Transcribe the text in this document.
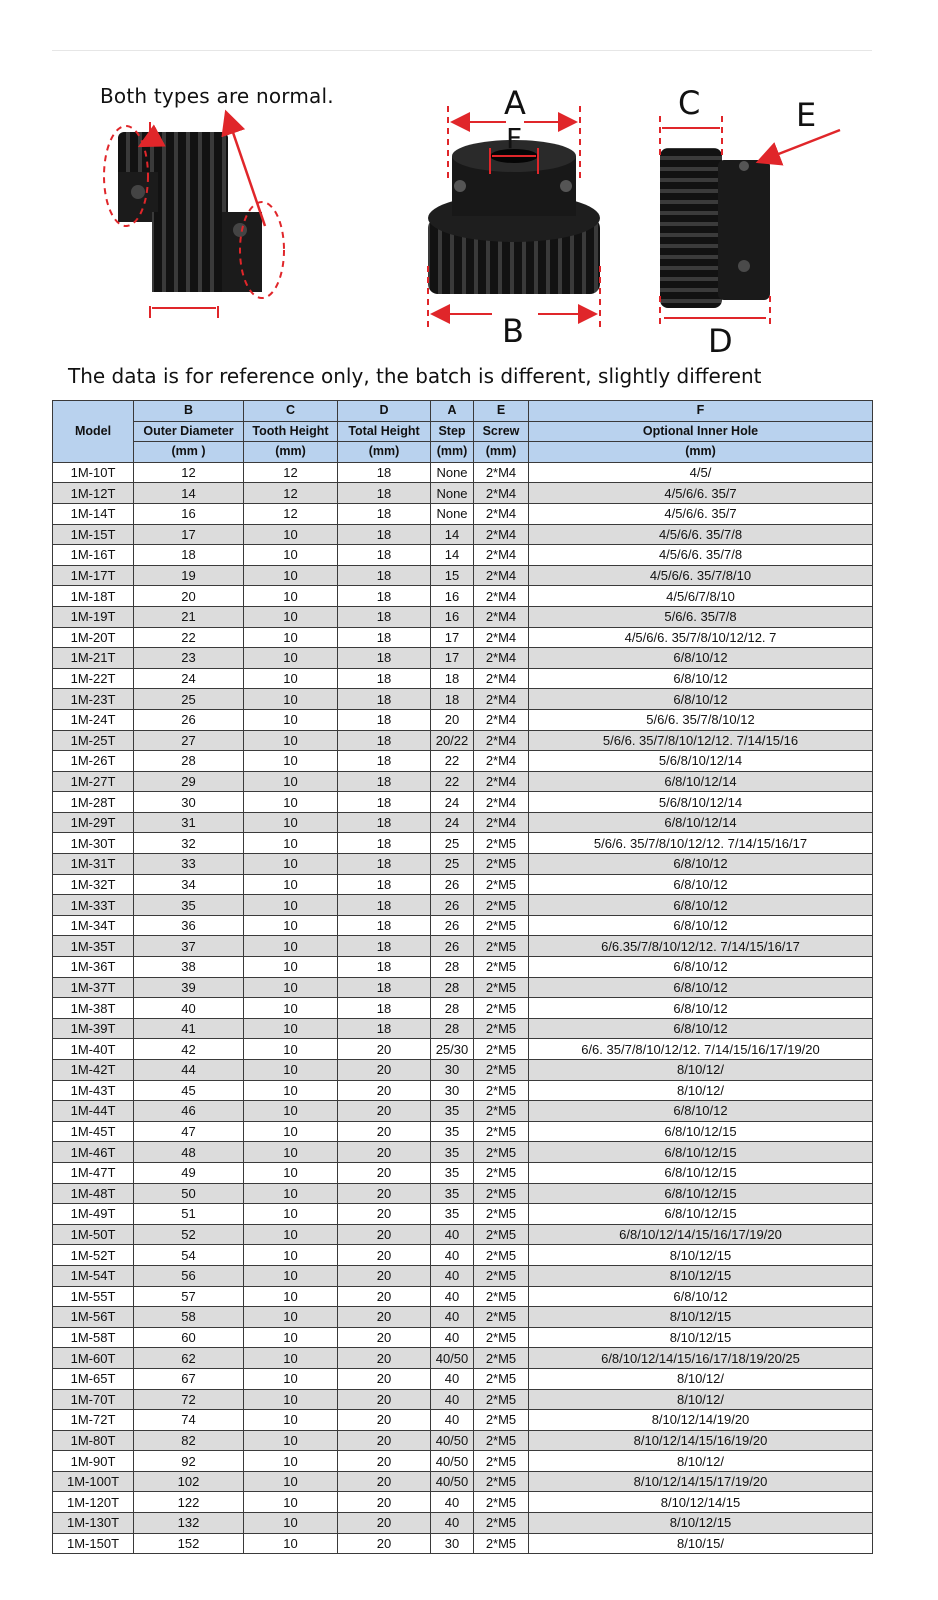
Both types are normal.	A
F
B
C	E
D
The data is for reference only, the batch is different, slightly different
Model	B	C	D	A	E	F
	Outer Diameter	Tooth Height	Total Height	Step	Screw	Optional Inner Hole
	(mm )	(mm)	(mm)	(mm)	(mm)	(mm)
1M-10T	12	12	18	None	2*M4	4/5/
1M-12T	14	12	18	None	2*M4	4/5/6/6. 35/7
1M-14T	16	12	18	None	2*M4	4/5/6/6. 35/7
1M-15T	17	10	18	14	2*M4	4/5/6/6. 35/7/8
1M-16T	18	10	18	14	2*M4	4/5/6/6. 35/7/8
1M-17T	19	10	18	15	2*M4	4/5/6/6. 35/7/8/10
1M-18T	20	10	18	16	2*M4	4/5/6/7/8/10
1M-19T	21	10	18	16	2*M4	5/6/6. 35/7/8
1M-20T	22	10	18	17	2*M4	4/5/6/6. 35/7/8/10/12/12. 7
1M-21T	23	10	18	17	2*M4	6/8/10/12
1M-22T	24	10	18	18	2*M4	6/8/10/12
1M-23T	25	10	18	18	2*M4	6/8/10/12
1M-24T	26	10	18	20	2*M4	5/6/6. 35/7/8/10/12
1M-25T	27	10	18	20/22	2*M4	5/6/6. 35/7/8/10/12/12. 7/14/15/16
1M-26T	28	10	18	22	2*M4	5/6/8/10/12/14
1M-27T	29	10	18	22	2*M4	6/8/10/12/14
1M-28T	30	10	18	24	2*M4	5/6/8/10/12/14
1M-29T	31	10	18	24	2*M4	6/8/10/12/14
1M-30T	32	10	18	25	2*M5	5/6/6. 35/7/8/10/12/12. 7/14/15/16/17
1M-31T	33	10	18	25	2*M5	6/8/10/12
1M-32T	34	10	18	26	2*M5	6/8/10/12
1M-33T	35	10	18	26	2*M5	6/8/10/12
1M-34T	36	10	18	26	2*M5	6/8/10/12
1M-35T	37	10	18	26	2*M5	6/6.35/7/8/10/12/12. 7/14/15/16/17
1M-36T	38	10	18	28	2*M5	6/8/10/12
1M-37T	39	10	18	28	2*M5	6/8/10/12
1M-38T	40	10	18	28	2*M5	6/8/10/12
1M-39T	41	10	18	28	2*M5	6/8/10/12
1M-40T	42	10	20	25/30	2*M5	6/6. 35/7/8/10/12/12. 7/14/15/16/17/19/20
1M-42T	44	10	20	30	2*M5	8/10/12/
1M-43T	45	10	20	30	2*M5	8/10/12/
1M-44T	46	10	20	35	2*M5	6/8/10/12
1M-45T	47	10	20	35	2*M5	6/8/10/12/15
1M-46T	48	10	20	35	2*M5	6/8/10/12/15
1M-47T	49	10	20	35	2*M5	6/8/10/12/15
1M-48T	50	10	20	35	2*M5	6/8/10/12/15
1M-49T	51	10	20	35	2*M5	6/8/10/12/15
1M-50T	52	10	20	40	2*M5	6/8/10/12/14/15/16/17/19/20
1M-52T	54	10	20	40	2*M5	8/10/12/15
1M-54T	56	10	20	40	2*M5	8/10/12/15
1M-55T	57	10	20	40	2*M5	6/8/10/12
1M-56T	58	10	20	40	2*M5	8/10/12/15
1M-58T	60	10	20	40	2*M5	8/10/12/15
1M-60T	62	10	20	40/50	2*M5	6/8/10/12/14/15/16/17/18/19/20/25
1M-65T	67	10	20	40	2*M5	8/10/12/
1M-70T	72	10	20	40	2*M5	8/10/12/
1M-72T	74	10	20	40	2*M5	8/10/12/14/19/20
1M-80T	82	10	20	40/50	2*M5	8/10/12/14/15/16/19/20
1M-90T	92	10	20	40/50	2*M5	8/10/12/
1M-100T	102	10	20	40/50	2*M5	8/10/12/14/15/17/19/20
1M-120T	122	10	20	40	2*M5	8/10/12/14/15
1M-130T	132	10	20	40	2*M5	8/10/12/15
1M-150T	152	10	20	30	2*M5	8/10/15/
